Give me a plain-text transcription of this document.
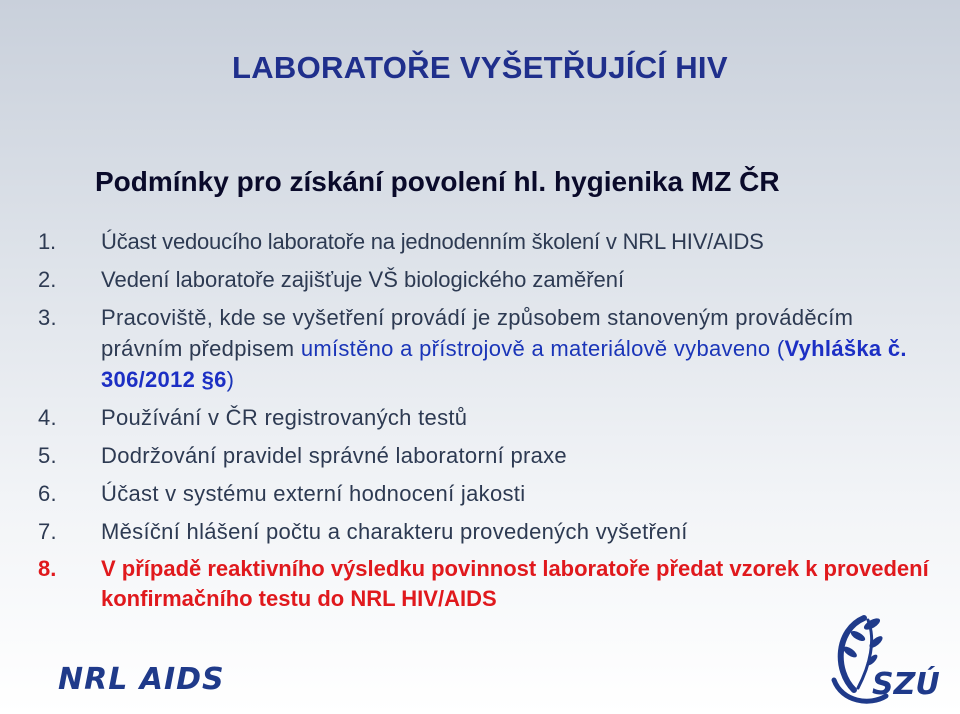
LABORATOŘE VYŠETŘUJÍCÍ HIV
Podmínky pro získání povolení hl. hygienika MZ ČR
1. Účast vedoucího laboratoře na jednodenním školení v NRL HIV/AIDS
2. Vedení laboratoře zajišťuje VŠ biologického zaměření
3. Pracoviště, kde se vyšetření provádí je způsobem stanoveným prováděcím právním předpisem umístěno a přístrojově a materiálově vybaveno (Vyhláška č. 306/2012 §6)
4. Používání v ČR registrovaných testů
5. Dodržování pravidel správné laboratorní praxe
6. Účast v systému externí hodnocení jakosti
7. Měsíční hlášení počtu a charakteru provedených vyšetření
8. V případě reaktivního výsledku povinnost laboratoře předat vzorek k provedení konfirmačního testu do NRL HIV/AIDS
NRL AIDS	SZÚ
